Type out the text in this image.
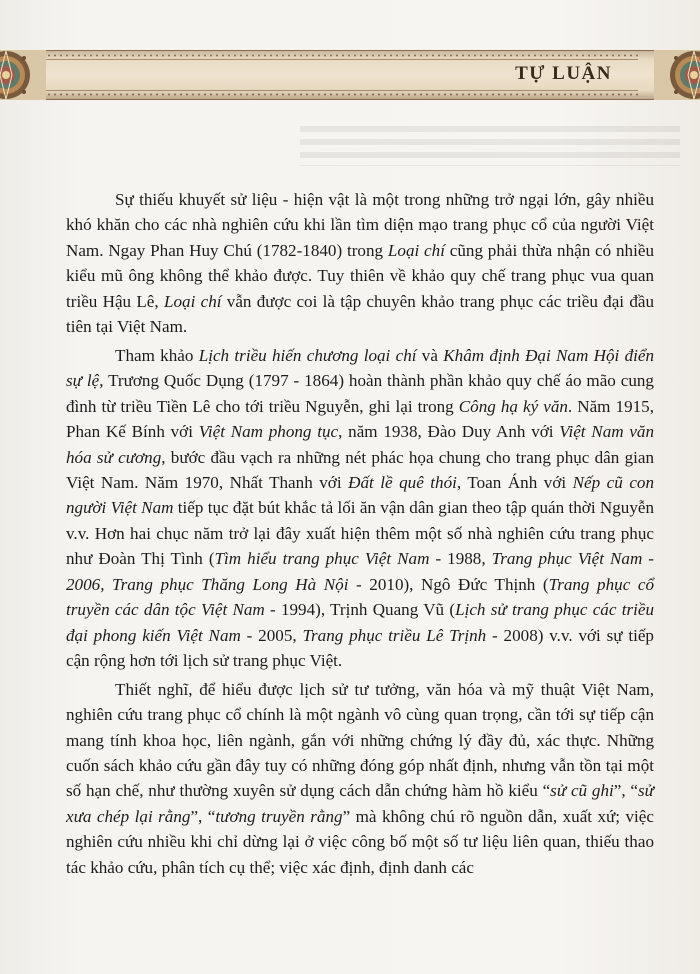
TỰ LUẬN

Sự thiếu khuyết sử liệu - hiện vật là một trong những trở ngại lớn, gây nhiều khó khăn cho các nhà nghiên cứu khi lần tìm diện mạo trang phục cổ của người Việt Nam. Ngay Phan Huy Chú (1782-1840) trong Loại chí cũng phải thừa nhận có nhiều kiểu mũ ông không thể khảo được. Tuy thiên về khảo quy chế trang phục vua quan triều Hậu Lê, Loại chí vẫn được coi là tập chuyên khảo trang phục các triều đại đầu tiên tại Việt Nam.

Tham khảo Lịch triều hiến chương loại chí và Khâm định Đại Nam Hội điển sự lệ, Trương Quốc Dụng (1797 - 1864) hoàn thành phần khảo quy chế áo mão cung đình từ triều Tiền Lê cho tới triều Nguyễn, ghi lại trong Công hạ ký văn. Năm 1915, Phan Kế Bính với Việt Nam phong tục, năm 1938, Đào Duy Anh với Việt Nam văn hóa sử cương, bước đầu vạch ra những nét phác họa chung cho trang phục dân gian Việt Nam. Năm 1970, Nhất Thanh với Đất lề quê thói, Toan Ánh với Nếp cũ con người Việt Nam tiếp tục đặt bút khắc tả lối ăn vận dân gian theo tập quán thời Nguyễn v.v. Hơn hai chục năm trở lại đây xuất hiện thêm một số nhà nghiên cứu trang phục như Đoàn Thị Tình (Tìm hiểu trang phục Việt Nam - 1988, Trang phục Việt Nam - 2006, Trang phục Thăng Long Hà Nội - 2010), Ngô Đức Thịnh (Trang phục cổ truyền các dân tộc Việt Nam - 1994), Trịnh Quang Vũ (Lịch sử trang phục các triều đại phong kiến Việt Nam - 2005, Trang phục triều Lê Trịnh - 2008) v.v. với sự tiếp cận rộng hơn tới lịch sử trang phục Việt.

Thiết nghĩ, để hiểu được lịch sử tư tưởng, văn hóa và mỹ thuật Việt Nam, nghiên cứu trang phục cổ chính là một ngành vô cùng quan trọng, cần tới sự tiếp cận mang tính khoa học, liên ngành, gắn với những chứng lý đầy đủ, xác thực. Những cuốn sách khảo cứu gần đây tuy có những đóng góp nhất định, nhưng vẫn tồn tại một số hạn chế, như thường xuyên sử dụng cách dẫn chứng hàm hồ kiểu “sử cũ ghi”, “sử xưa chép lại rằng”, “tương truyền rằng” mà không chú rõ nguồn dẫn, xuất xứ; việc nghiên cứu nhiều khi chỉ dừng lại ở việc công bố một số tư liệu liên quan, thiếu thao tác khảo cứu, phân tích cụ thể; việc xác định, định danh các
